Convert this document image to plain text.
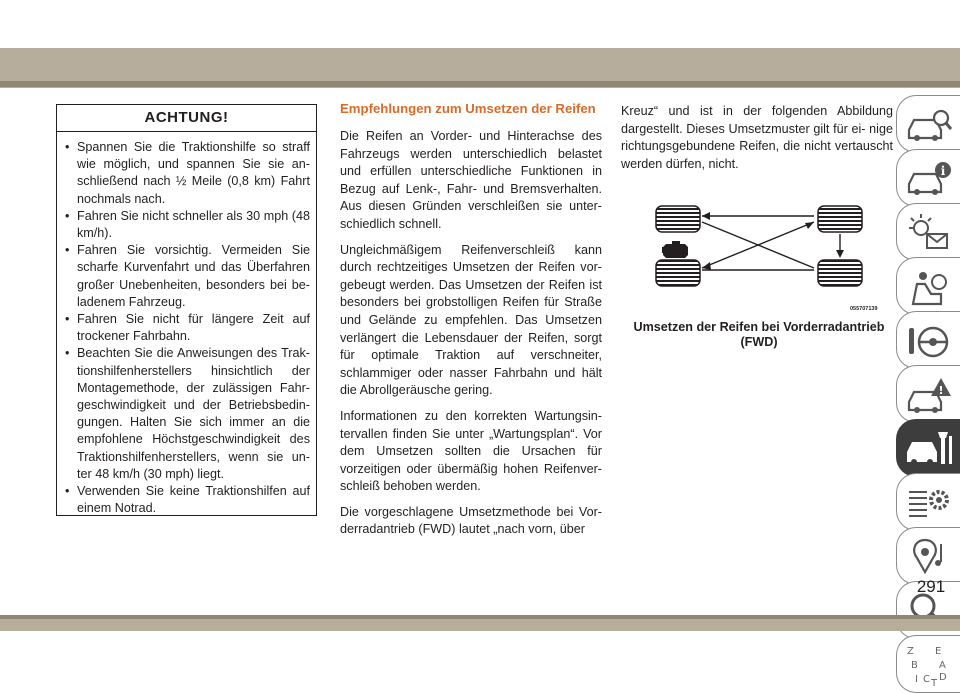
ACHTUNG!
• Spannen Sie die Traktionshilfe so straff wie möglich, und spannen Sie sie an- schließend nach ½ Meile (0,8 km) Fahrt nochmals nach.
• Fahren Sie nicht schneller als 30 mph (48 km/h).
• Fahren Sie vorsichtig. Vermeiden Sie scharfe Kurvenfahrt und das Überfahren großer Unebenheiten, besonders bei be- ladenem Fahrzeug.
• Fahren Sie nicht für längere Zeit auf trockener Fahrbahn.
• Beachten Sie die Anweisungen des Trak- tionshilfenherstellers hinsichtlich der Montagemethode, der zulässigen Fahr- geschwindigkeit und der Betriebsbedin- gungen. Halten Sie sich immer an die empfohlene Höchstgeschwindigkeit des Traktionshilfenherstellers, wenn sie un- ter 48 km/h (30 mph) liegt.
• Verwenden Sie keine Traktionshilfen auf einem Notrad.
Empfehlungen zum Umsetzen der Reifen

Die Reifen an Vorder- und Hinterachse des Fahrzeugs werden unterschiedlich belastet und erfüllen unterschiedliche Funktionen in Bezug auf Lenk-, Fahr- und Bremsverhalten. Aus diesen Gründen verschleißen sie unter- schiedlich schnell.

Ungleichmäßigem Reifenverschleiß kann durch rechtzeitiges Umsetzen der Reifen vor- gebeugt werden. Das Umsetzen der Reifen ist besonders bei grobstolligen Reifen für Straße und Gelände zu empfehlen. Das Umsetzen verlängert die Lebensdauer der Reifen, sorgt für optimale Traktion auf verschneiter, schlammiger oder nasser Fahrbahn und hält die Abrollgeräusche gering.

Informationen zu den korrekten Wartungsin- tervallen finden Sie unter „Wartungsplan“. Vor dem Umsetzen sollten die Ursachen für vorzeitigen oder übermäßig hohen Reifenver- schleiß behoben werden.

Die vorgeschlagene Umsetzmethode bei Vor- derradantrieb (FWD) lautet „nach vorn, über

Kreuz“ und ist in der folgenden Abbildung dargestellt. Dieses Umsetzmuster gilt für ei- nige richtungsgebundene Reifen, die nicht vertauscht werden dürfen, nicht.

055707139
Umsetzen der Reifen bei Vorderradantrieb
(FWD)
i
!
Z E
B A
I C D
T
291
